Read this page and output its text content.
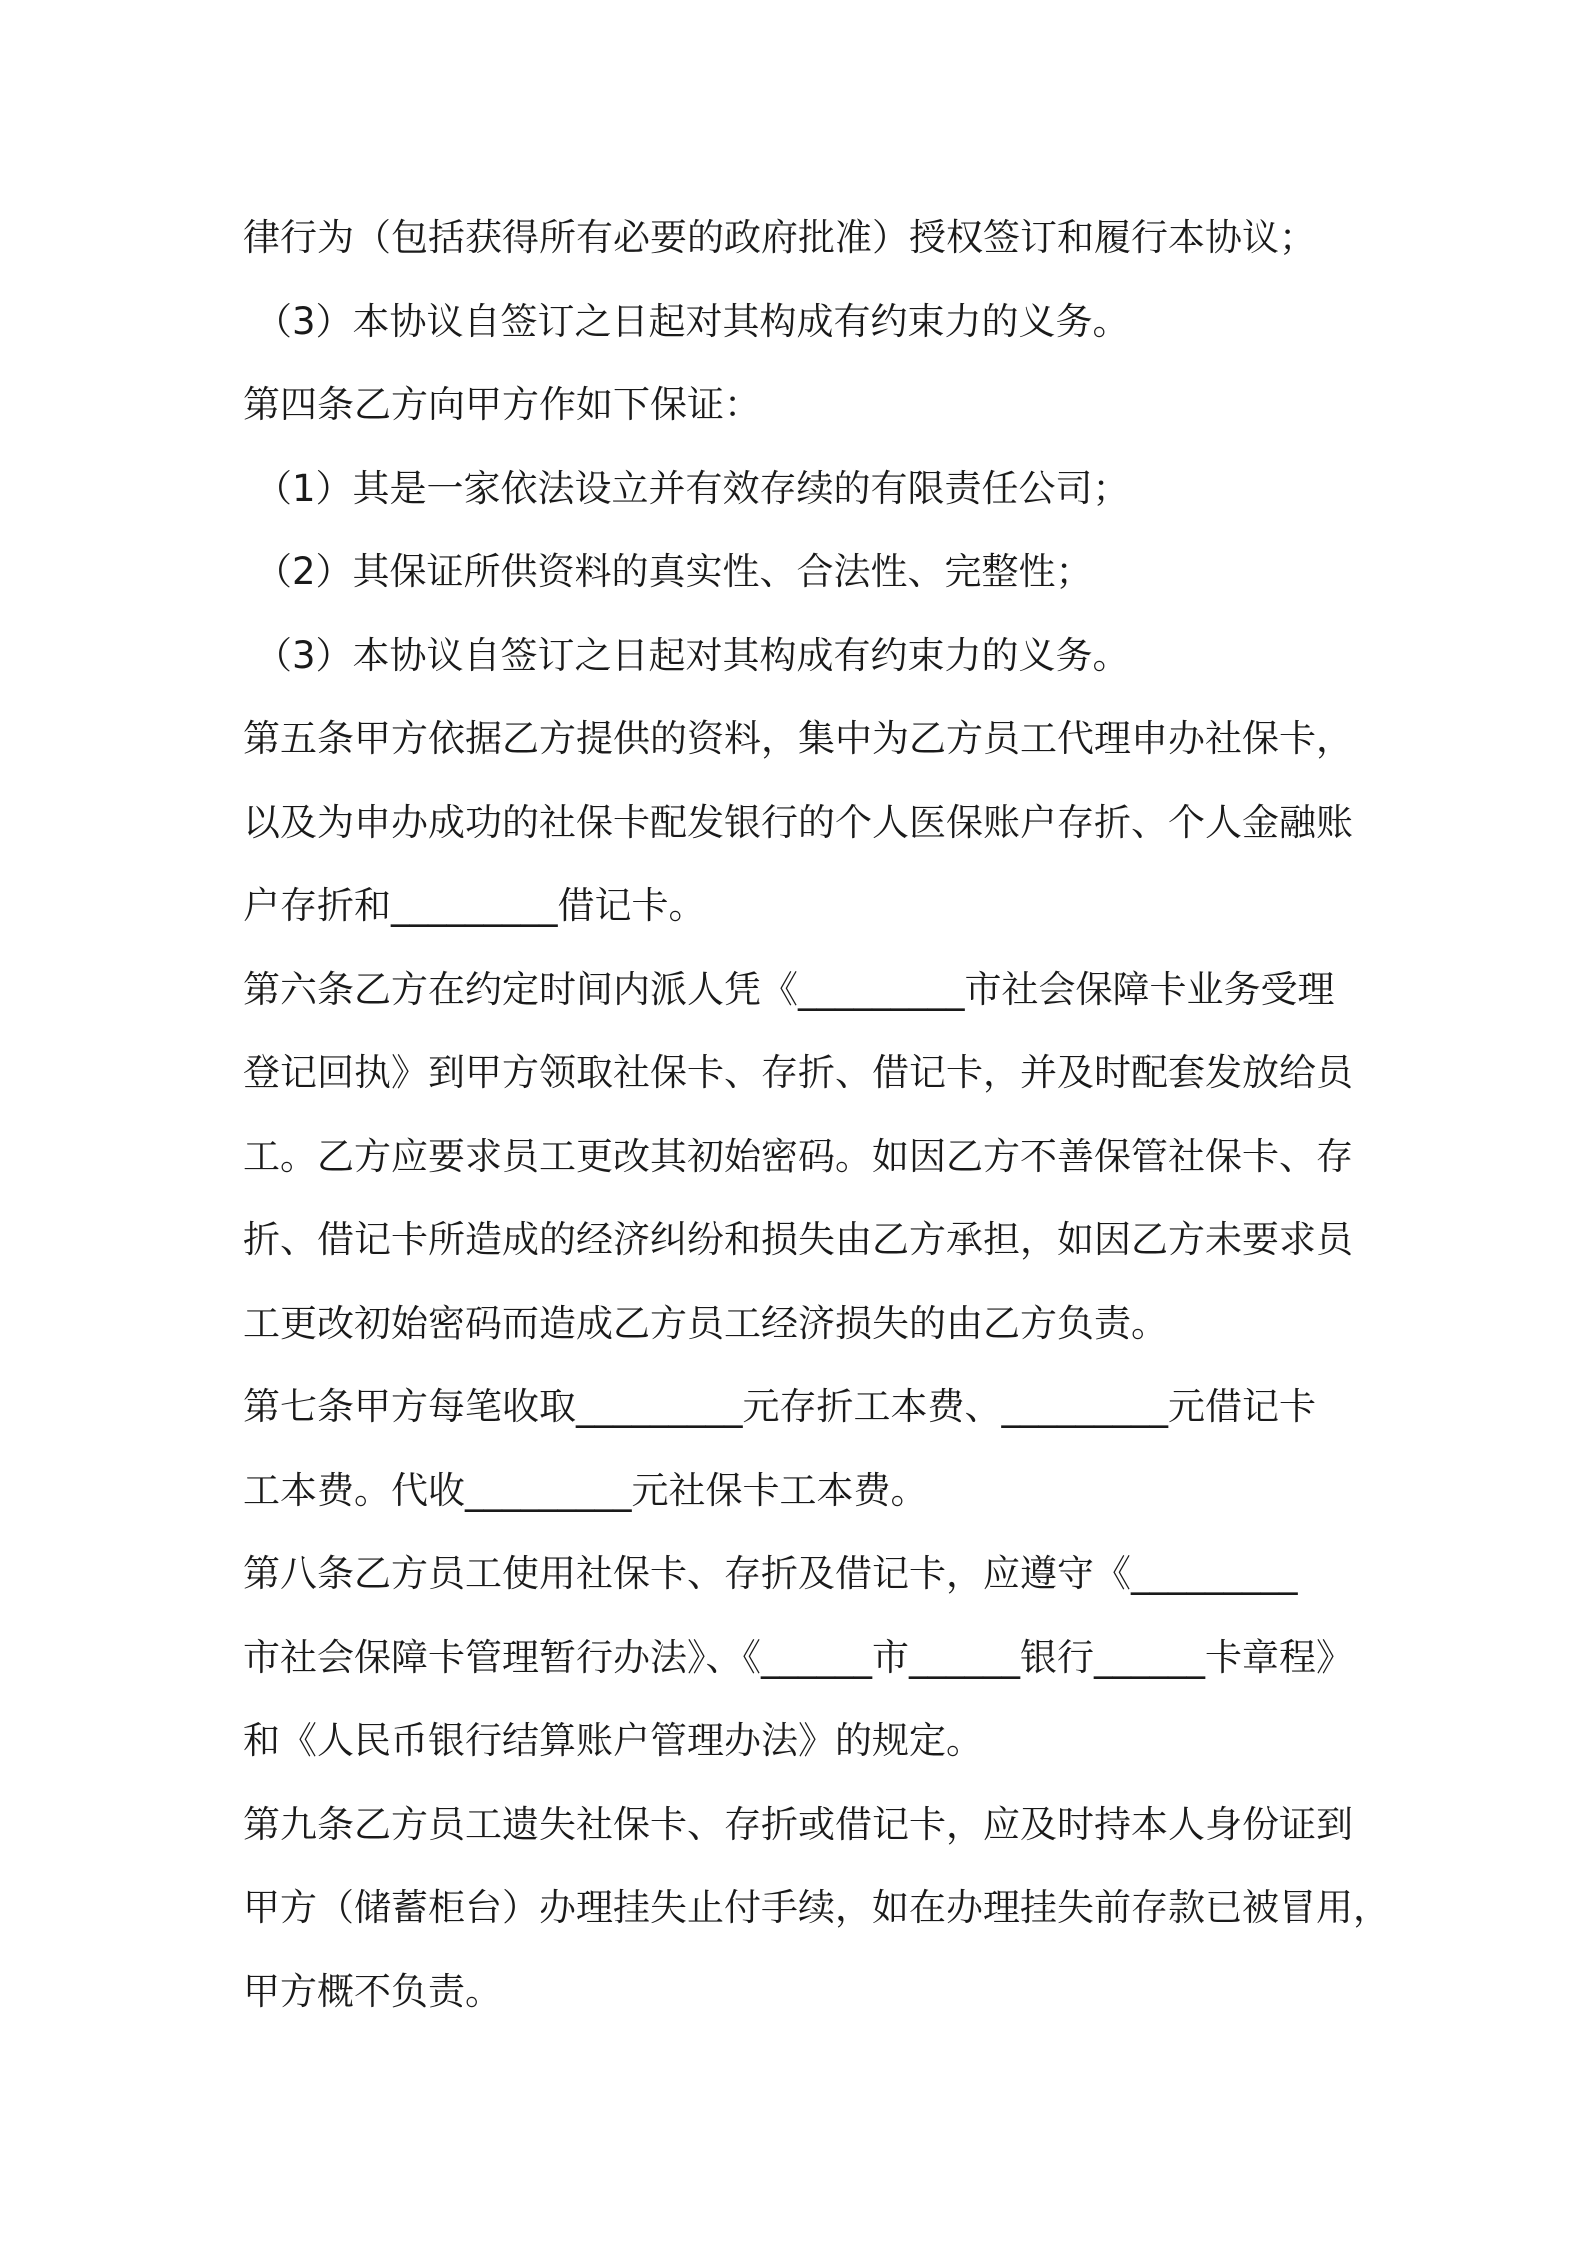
律行为（包括获得所有必要的政府批准）授权签订和履行本协议；

（3）本协议自签订之日起对其构成有约束力的义务。

第四条乙方向甲方作如下保证：

（1）其是一家依法设立并有效存续的有限责任公司；

（2）其保证所供资料的真实性、合法性、完整性；

（3）本协议自签订之日起对其构成有约束力的义务。

第五条甲方依据乙方提供的资料，集中为乙方员工代理申办社保卡，

以及为申办成功的社保卡配发银行的个人医保账户存折、个人金融账

户存折和_________借记卡。

第六条乙方在约定时间内派人凭《_________市社会保障卡业务受理

登记回执》到甲方领取社保卡、存折、借记卡，并及时配套发放给员

工。乙方应要求员工更改其初始密码。如因乙方不善保管社保卡、存

折、借记卡所造成的经济纠纷和损失由乙方承担，如因乙方未要求员

工更改初始密码而造成乙方员工经济损失的由乙方负责。

第七条甲方每笔收取_________元存折工本费、_________元借记卡

工本费。代收_________元社保卡工本费。

第八条乙方员工使用社保卡、存折及借记卡，应遵守《_________

市社会保障卡管理暂行办法》、《______市______银行______卡章程》

和《人民币银行结算账户管理办法》的规定。

第九条乙方员工遗失社保卡、存折或借记卡，应及时持本人身份证到

甲方（储蓄柜台）办理挂失止付手续，如在办理挂失前存款已被冒用，

甲方概不负责。
